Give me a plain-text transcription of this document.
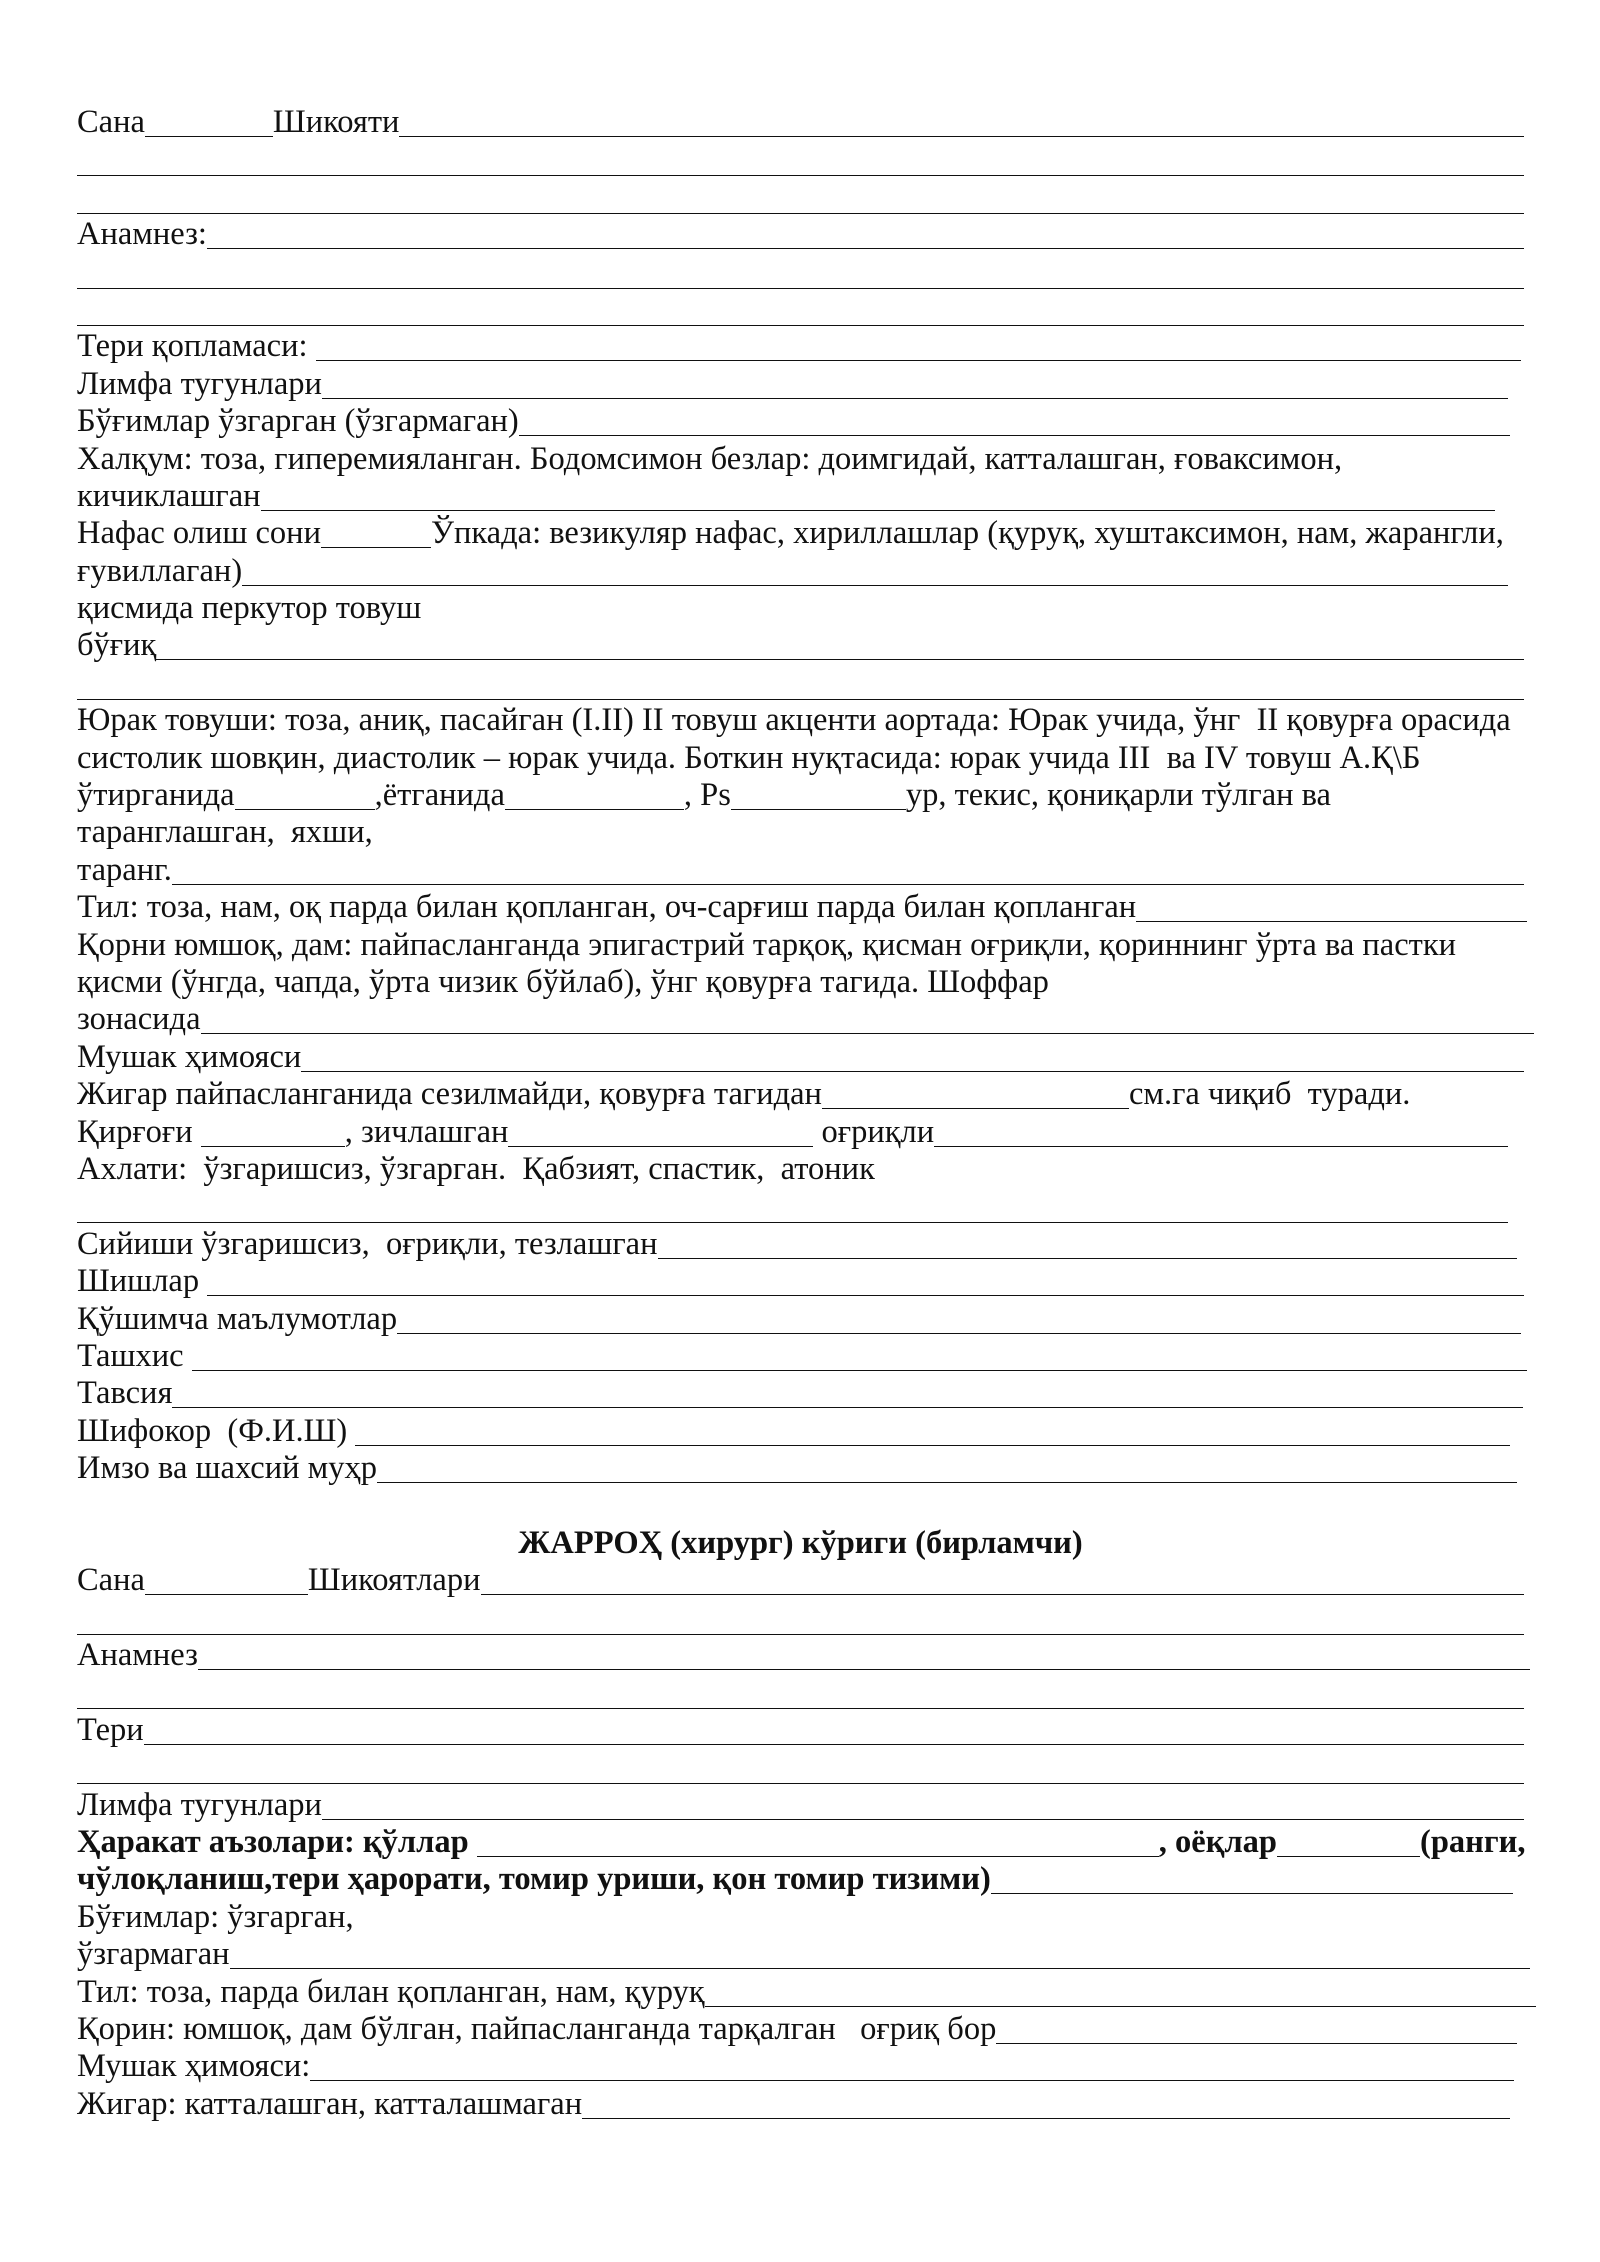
Сана	Шикояти
Анамнез:
Тери қопламаси:
Лимфа тугунлари
Бўғимлар ўзгарган (ўзгармаган)
Халқум: тоза, гиперемияланган. Бодомсимон безлар: доимгидай, катталашган, ғоваксимон,
кичиклашган
Нафас олиш сони	Ўпкада: везикуляр нафас, хириллашлар (қуруқ, хуштаксимон, нам, жарангли,
ғувиллаган)
қисмида перкутор товуш
бўғиқ
Юрак товуши: тоза, аниқ, пасайган (I.II) II товуш акценти аортада: Юрак учида, ўнг  II қовурға орасида
систолик шовқин, диастолик – юрак учида. Боткин нуқтасида: юрак учида III  ва IV товуш А.Қ\Б
ўтирганида	,ётганида	, Ps	ур, текис, қониқарли тўлган ва
таранглашган,  яхши,
таранг.
Тил: тоза, нам, оқ парда билан қопланган, оч-сарғиш парда билан қопланган
Қорни юмшоқ, дам: пайпасланганда эпигастрий тарқоқ, қисман оғриқли, қориннинг ўрта ва пастки
қисми (ўнгда, чапда, ўрта чизик бўйлаб), ўнг қовурға тагида. Шоффар
зонасида
Мушак ҳимояси
Жигар пайпасланганида сезилмайди, қовурға тагидан	см.га чиқиб  туради.
Қирғоғи	, зичлашган	оғриқли
Ахлати:  ўзгаришсиз, ўзгарган.  Қабзият, спастик,  атоник
Сийиши ўзгаришсиз,  оғриқли, тезлашган
Шишлар
Қўшимча маълумотлар
Ташхис
Тавсия
Шифокор  (Ф.И.Ш)
Имзо ва шахсий муҳр
ЖАРРОҲ (хирург) кўриги (бирламчи)
Сана	Шикоятлари
Анамнез
Тери
Лимфа тугунлари
Ҳаракат аъзолари: қўллар	, оёқлар	(ранги,
чўлоқланиш,тери ҳарорати, томир уриши, қон томир тизими)
Бўғимлар: ўзгарган,
ўзгармаган
Тил: тоза, парда билан қопланган, нам, қуруқ
Қорин: юмшоқ, дам бўлган, пайпасланганда тарқалган   оғриқ бор
Мушак ҳимояси:
Жигар: катталашган, катталашмаган
